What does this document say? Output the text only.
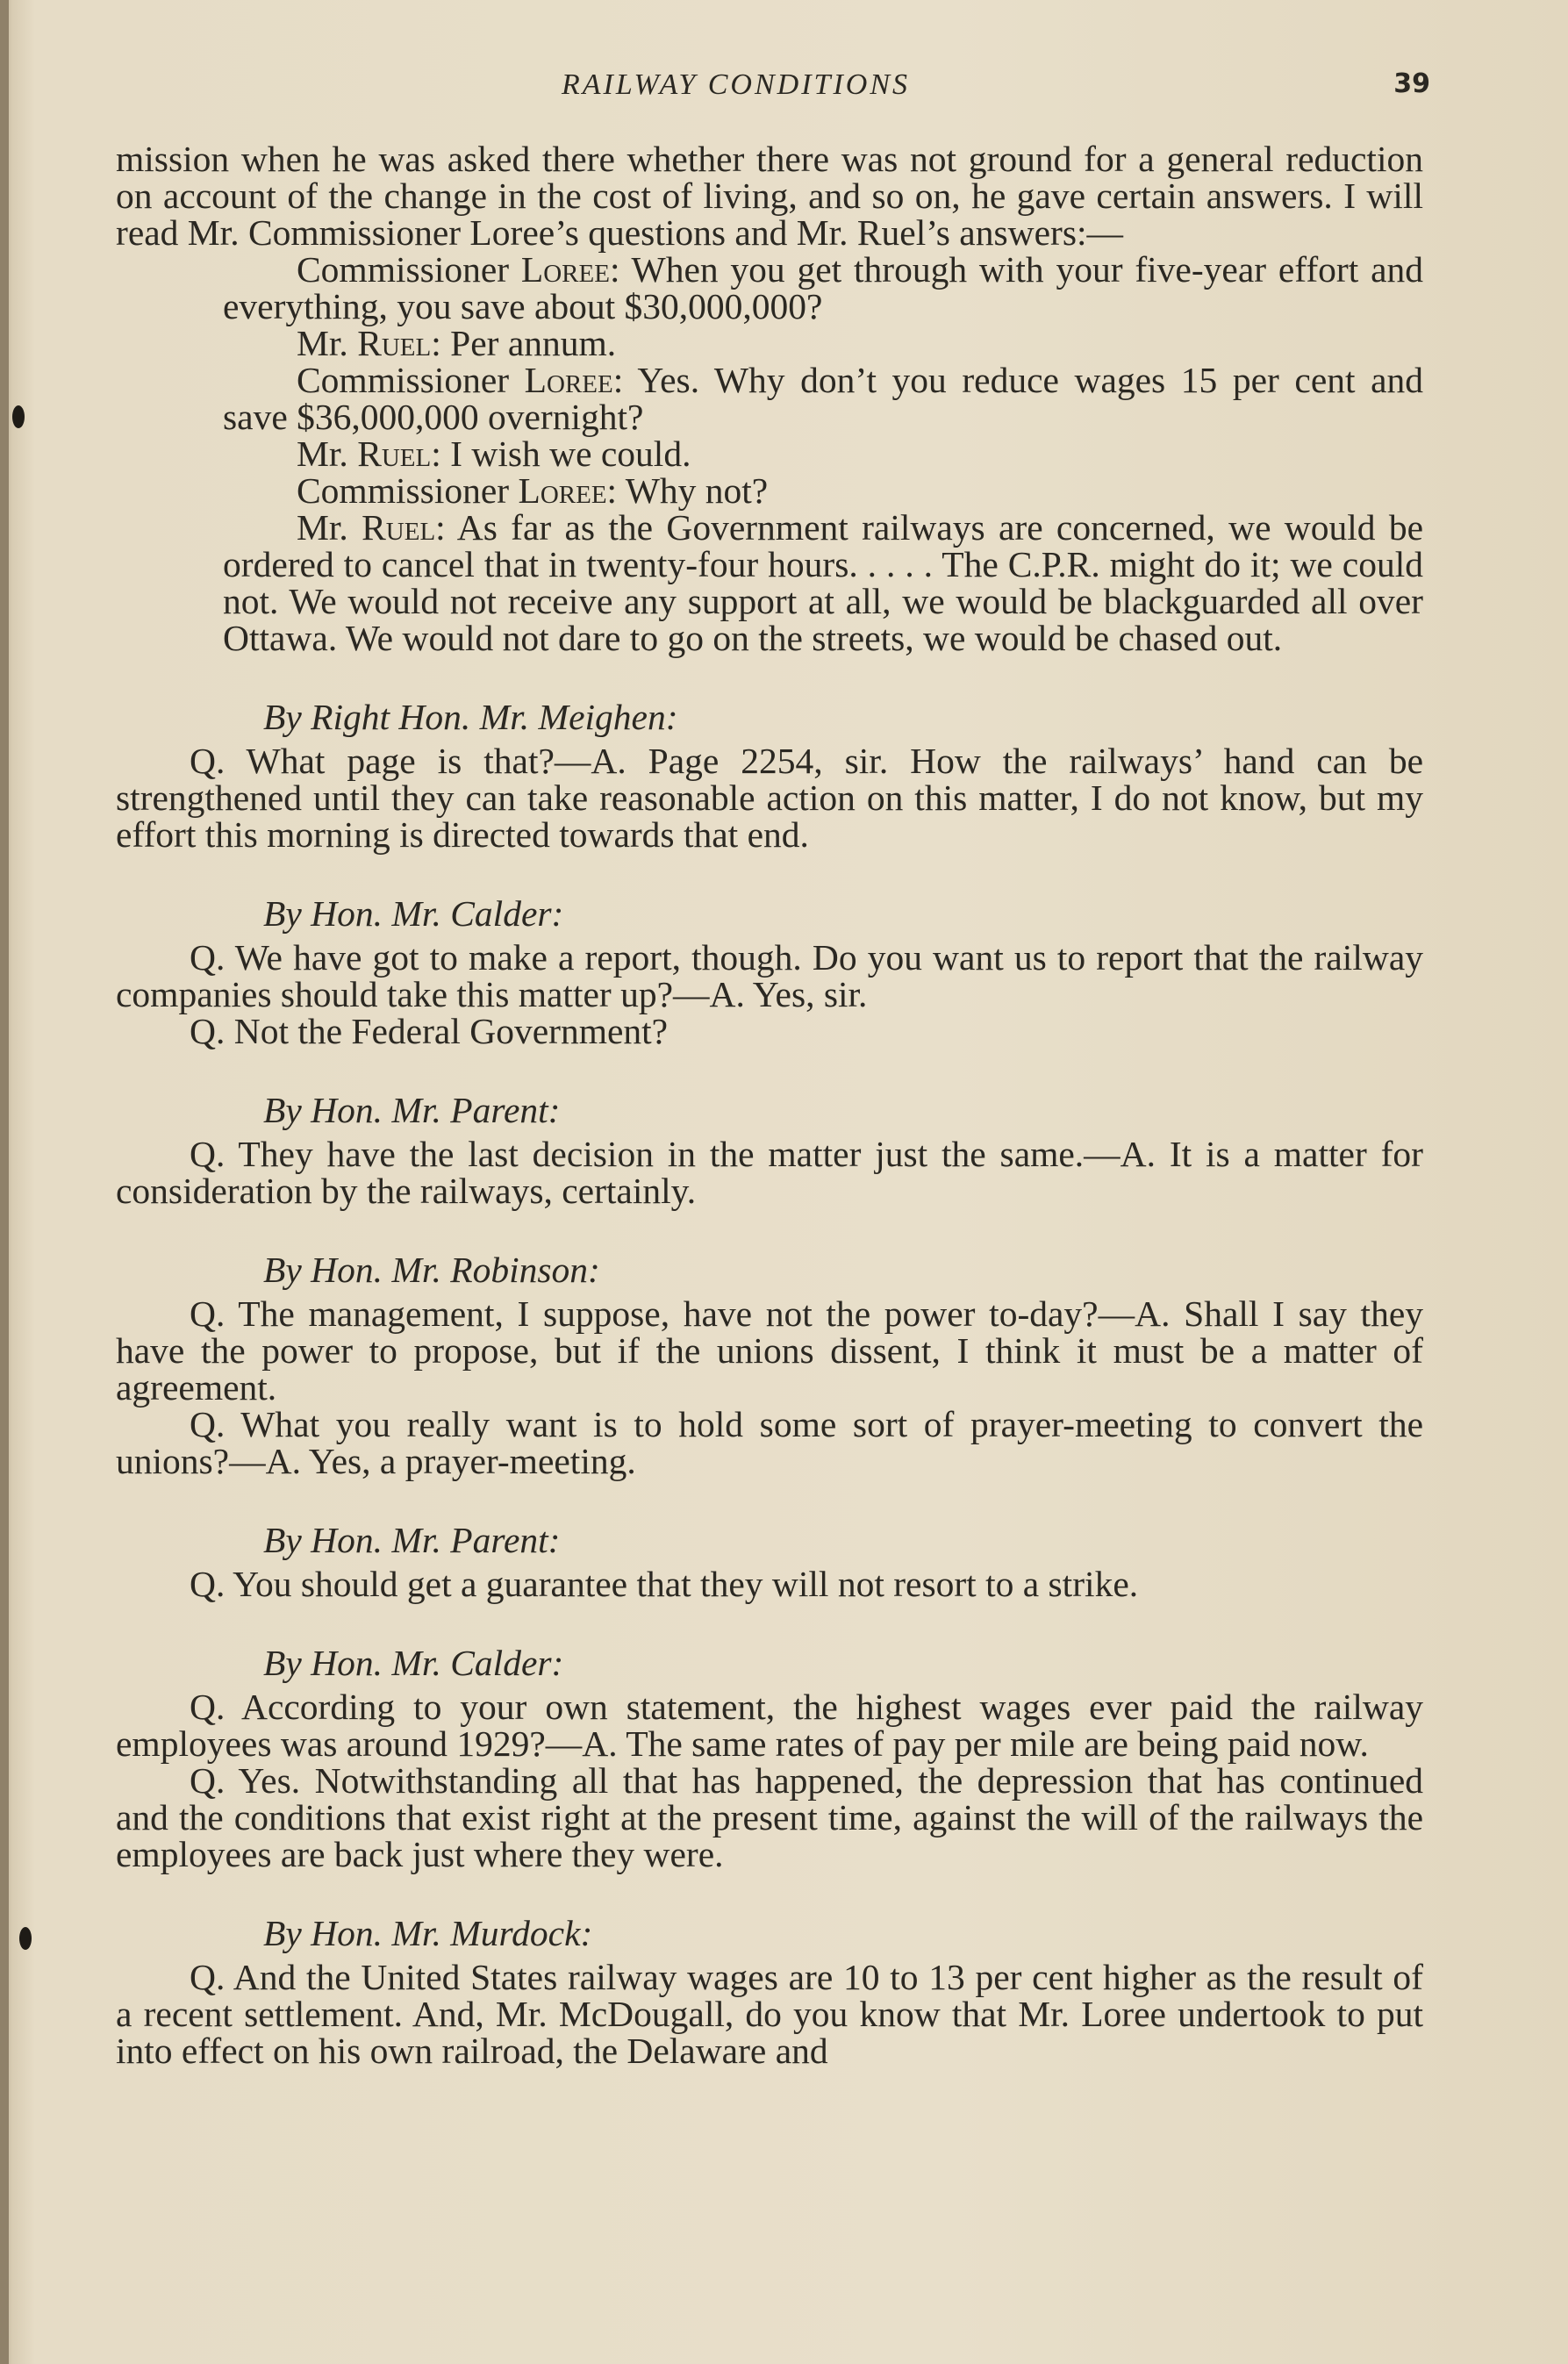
RAILWAY CONDITIONS	39

mission when he was asked there whether there was not ground for a general reduction on account of the change in the cost of living, and so on, he gave certain answers. I will read Mr. Commissioner Loree’s questions and Mr. Ruel’s answers:—

Commissioner Loree: When you get through with your five-year effort and everything, you save about $30,000,000?

Mr. Ruel: Per annum.

Commissioner Loree: Yes. Why don’t you reduce wages 15 per cent and save $36,000,000 overnight?

Mr. Ruel: I wish we could.

Commissioner Loree: Why not?

Mr. Ruel: As far as the Government railways are concerned, we would be ordered to cancel that in twenty-four hours. . . . . The C.P.R. might do it; we could not. We would not receive any support at all, we would be blackguarded all over Ottawa. We would not dare to go on the streets, we would be chased out.

By Right Hon. Mr. Meighen:

Q. What page is that?—A. Page 2254, sir. How the railways’ hand can be strengthened until they can take reasonable action on this matter, I do not know, but my effort this morning is directed towards that end.

By Hon. Mr. Calder:

Q. We have got to make a report, though. Do you want us to report that the railway companies should take this matter up?—A. Yes, sir.

Q. Not the Federal Government?

By Hon. Mr. Parent:

Q. They have the last decision in the matter just the same.—A. It is a matter for consideration by the railways, certainly.

By Hon. Mr. Robinson:

Q. The management, I suppose, have not the power to-day?—A. Shall I say they have the power to propose, but if the unions dissent, I think it must be a matter of agreement.

Q. What you really want is to hold some sort of prayer-meeting to convert the unions?—A. Yes, a prayer-meeting.

By Hon. Mr. Parent:

Q. You should get a guarantee that they will not resort to a strike.

By Hon. Mr. Calder:

Q. According to your own statement, the highest wages ever paid the railway employees was around 1929?—A. The same rates of pay per mile are being paid now.

Q. Yes. Notwithstanding all that has happened, the depression that has continued and the conditions that exist right at the present time, against the will of the railways the employees are back just where they were.

By Hon. Mr. Murdock:

Q. And the United States railway wages are 10 to 13 per cent higher as the result of a recent settlement. And, Mr. McDougall, do you know that Mr. Loree undertook to put into effect on his own railroad, the Delaware and
